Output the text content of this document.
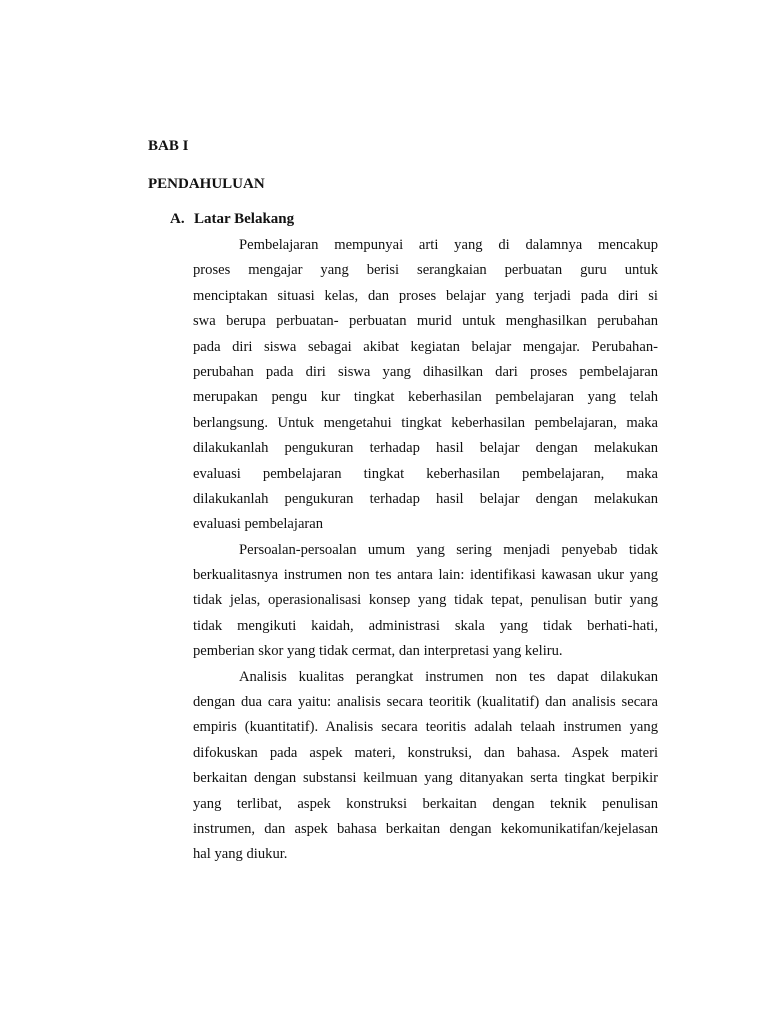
BAB I

PENDAHULUAN

A. Latar Belakang

Pembelajaran mempunyai arti yang di dalamnya mencakup
proses mengajar yang berisi serangkaian perbuatan guru untuk
menciptakan situasi kelas, dan proses belajar yang terjadi pada diri si
swa berupa perbuatan- perbuatan murid untuk menghasilkan perubahan
pada diri siswa sebagai akibat kegiatan belajar mengajar. Perubahan-
perubahan pada diri siswa yang dihasilkan dari proses pembelajaran
merupakan pengu kur tingkat keberhasilan pembelajaran yang telah
berlangsung. Untuk mengetahui tingkat keberhasilan pembelajaran, maka
dilakukanlah pengukuran terhadap hasil belajar dengan melakukan
evaluasi pembelajaran tingkat keberhasilan pembelajaran, maka
dilakukanlah pengukuran terhadap hasil belajar dengan melakukan
evaluasi pembelajaran
Persoalan-persoalan umum yang sering menjadi penyebab tidak
berkualitasnya instrumen non tes antara lain: identifikasi kawasan ukur yang
tidak jelas, operasionalisasi konsep yang tidak tepat, penulisan butir yang
tidak mengikuti kaidah, administrasi skala yang tidak berhati-hati,
pemberian skor yang tidak cermat, dan interpretasi yang keliru.
Analisis kualitas perangkat instrumen non tes dapat dilakukan
dengan dua cara yaitu: analisis secara teoritik (kualitatif) dan analisis secara
empiris (kuantitatif). Analisis secara teoritis adalah telaah instrumen yang
difokuskan pada aspek materi, konstruksi, dan bahasa. Aspek materi
berkaitan dengan substansi keilmuan yang ditanyakan serta tingkat berpikir
yang terlibat, aspek konstruksi berkaitan dengan teknik penulisan
instrumen, dan aspek bahasa berkaitan dengan kekomunikatifan/kejelasan
hal yang diukur.
